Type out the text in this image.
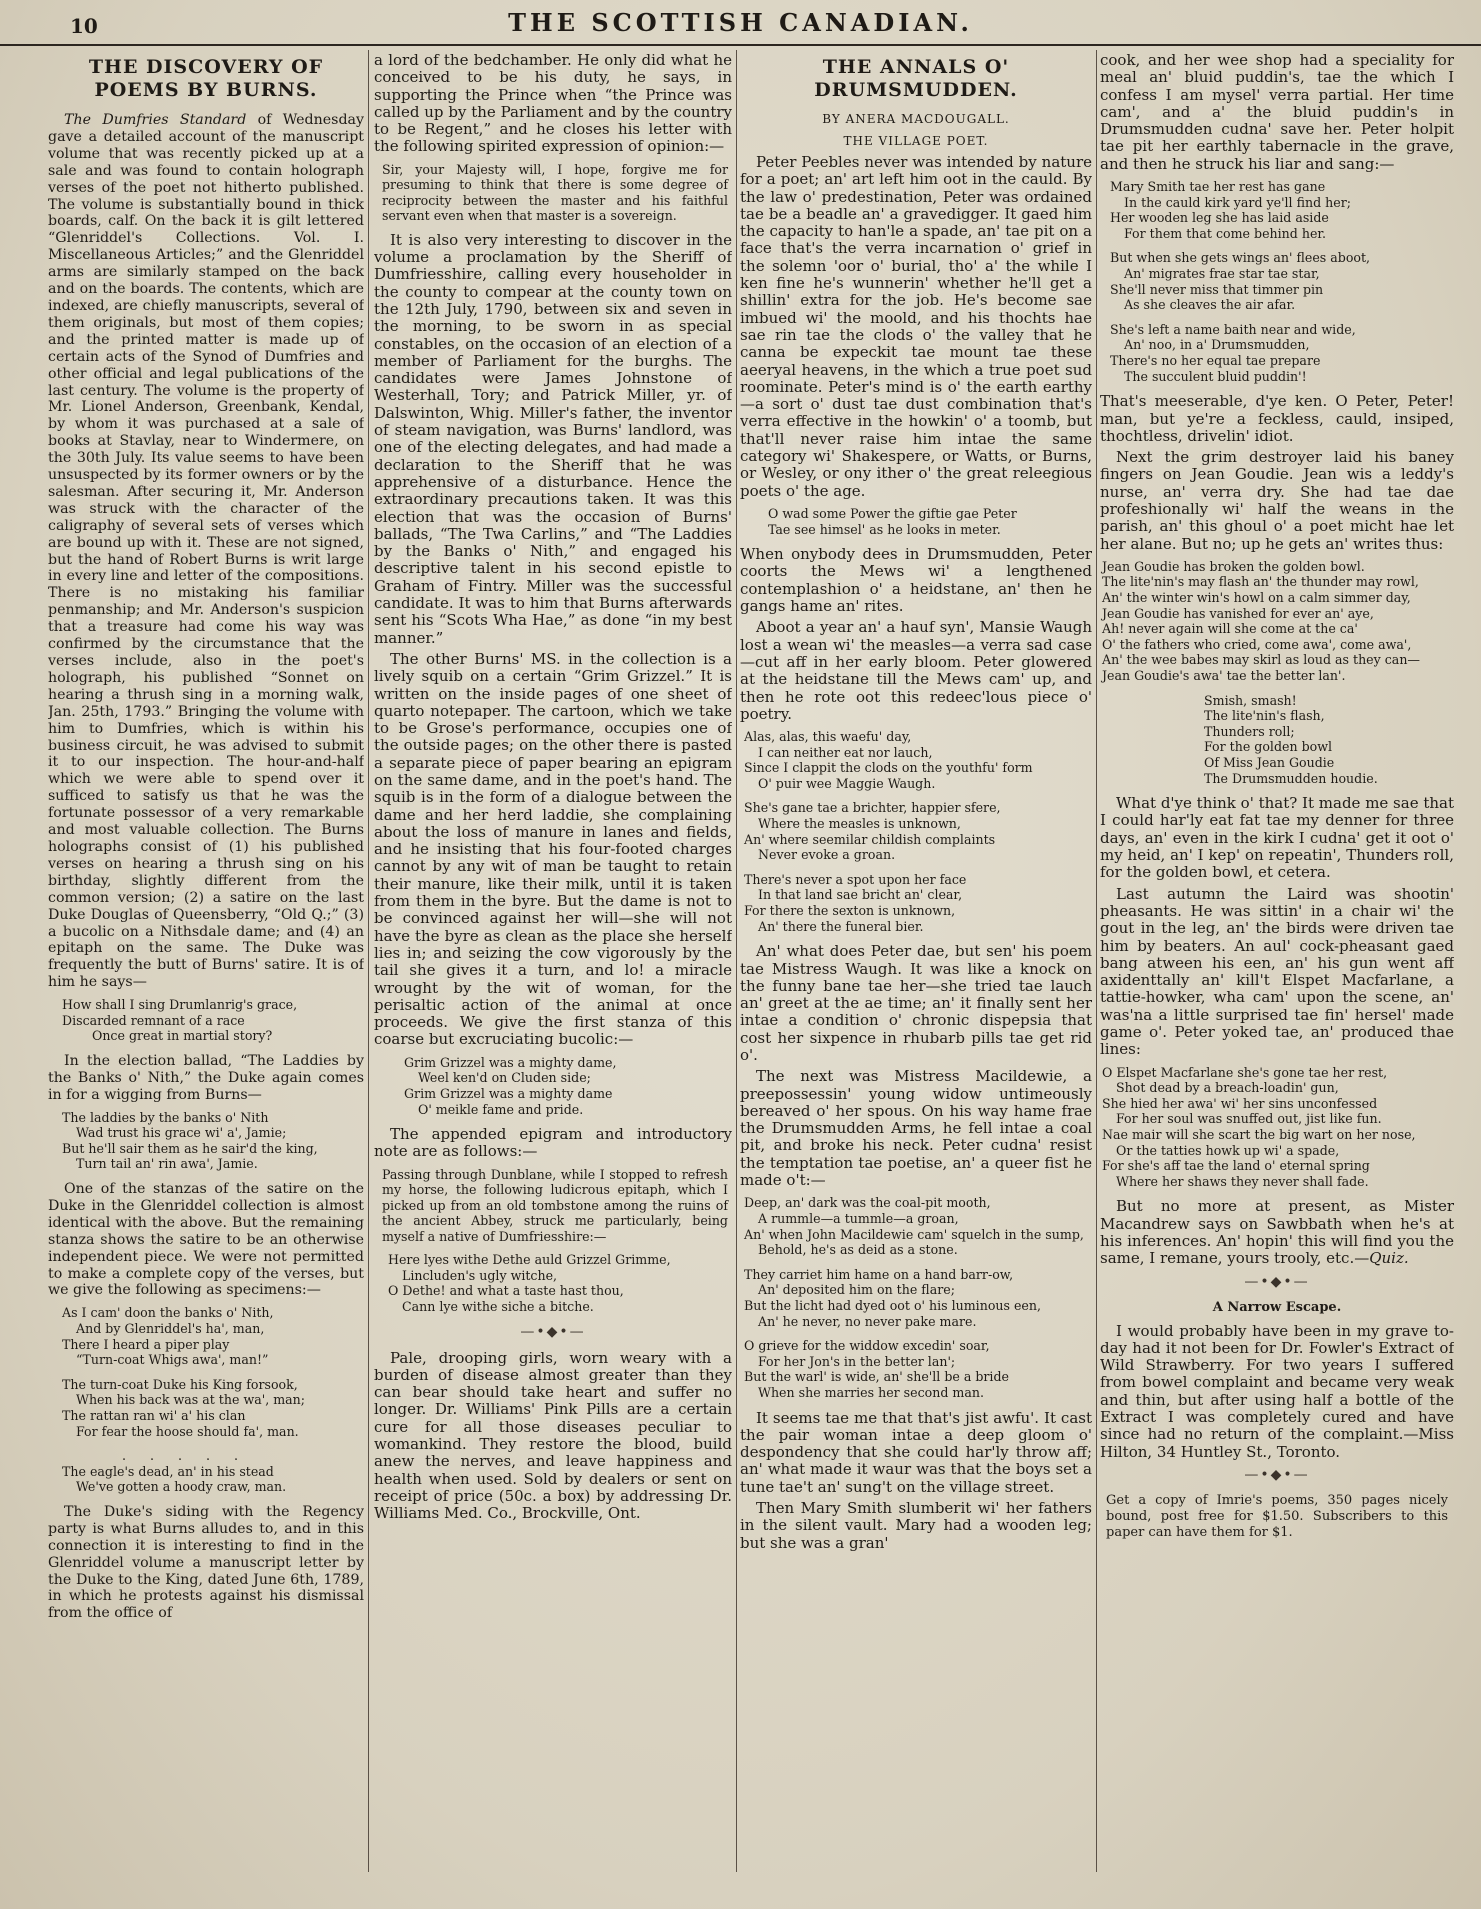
10	THE SCOTTISH CANADIAN.
THE DISCOVERY OF POEMS BY BURNS.

The Dumfries Standard of Wednesday gave a detailed account of the manuscript volume that was recently picked up at a sale and was found to contain holograph verses of the poet not hitherto published. The volume is substantially bound in thick boards, calf. On the back it is gilt lettered “Glenriddel's Collections. Vol. I. Miscellaneous Articles;” and the Glenriddel arms are similarly stamped on the back and on the boards. The contents, which are indexed, are chiefly manuscripts, several of them originals, but most of them copies; and the printed matter is made up of certain acts of the Synod of Dumfries and other official and legal publications of the last century. The volume is the property of Mr. Lionel Anderson, Greenbank, Kendal, by whom it was purchased at a sale of books at Stavlay, near to Windermere, on the 30th July. Its value seems to have been unsuspected by its former owners or by the salesman. After securing it, Mr. Anderson was struck with the character of the caligraphy of several sets of verses which are bound up with it. These are not signed, but the hand of Robert Burns is writ large in every line and letter of the compositions. There is no mistaking his familiar penmanship; and Mr. Anderson's suspicion that a treasure had come his way was confirmed by the circumstance that the verses include, also in the poet's holograph, his published “Sonnet on hearing a thrush sing in a morning walk, Jan. 25th, 1793.” Bringing the volume with him to Dumfries, which is within his business circuit, he was advised to submit it to our inspection. The hour-and-half which we were able to spend over it sufficed to satisfy us that he was the fortunate possessor of a very remarkable and most valuable collection. The Burns holographs consist of (1) his published verses on hearing a thrush sing on his birthday, slightly different from the common version; (2) a satire on the last Duke Douglas of Queensberry, “Old Q.;” (3) a bucolic on a Nithsdale dame; and (4) an epitaph on the same. The Duke was frequently the butt of Burns' satire. It is of him he says—

How shall I sing Drumlanrig's grace,
Discarded remnant of a race
Once great in martial story?

In the election ballad, “The Laddies by the Banks o' Nith,” the Duke again comes in for a wigging from Burns—

The laddies by the banks o' Nith
Wad trust his grace wi' a', Jamie;
But he'll sair them as he sair'd the king,
Turn tail an' rin awa', Jamie.

One of the stanzas of the satire on the Duke in the Glenriddel collection is almost identical with the above. But the remaining stanza shows the satire to be an otherwise independent piece. We were not permitted to make a complete copy of the verses, but we give the following as specimens:—

As I cam' doon the banks o' Nith,
And by Glenriddel's ha', man,
There I heard a piper play
“Turn-coat Whigs awa', man!”

The turn-coat Duke his King forsook,
When his back was at the wa', man;
The rattan ran wi' a' his clan
For fear the hoose should fa', man.

. . . . .

The eagle's dead, an' in his stead
We've gotten a hoody craw, man.

The Duke's siding with the Regency party is what Burns alludes to, and in this connection it is interesting to find in the Glenriddel volume a manuscript letter by the Duke to the King, dated June 6th, 1789, in which he protests against his dismissal from the office of

a lord of the bedchamber. He only did what he conceived to be his duty, he says, in supporting the Prince when “the Prince was called up by the Parliament and by the country to be Regent,” and he closes his letter with the following spirited expression of opinion:—

Sir, your Majesty will, I hope, forgive me for presuming to think that there is some degree of reciprocity between the master and his faithful servant even when that master is a sovereign.

It is also very interesting to discover in the volume a proclamation by the Sheriff of Dumfriesshire, calling every householder in the county to compear at the county town on the 12th July, 1790, between six and seven in the morning, to be sworn in as special constables, on the occasion of an election of a member of Parliament for the burghs. The candidates were James Johnstone of Westerhall, Tory; and Patrick Miller, yr. of Dalswinton, Whig. Miller's father, the inventor of steam navigation, was Burns' landlord, was one of the electing delegates, and had made a declaration to the Sheriff that he was apprehensive of a disturbance. Hence the extraordinary precautions taken. It was this election that was the occasion of Burns' ballads, “The Twa Carlins,” and “The Laddies by the Banks o' Nith,” and engaged his descriptive talent in his second epistle to Graham of Fintry. Miller was the successful candidate. It was to him that Burns afterwards sent his “Scots Wha Hae,” as done “in my best manner.”

The other Burns' MS. in the collection is a lively squib on a certain “Grim Grizzel.” It is written on the inside pages of one sheet of quarto notepaper. The cartoon, which we take to be Grose's performance, occupies one of the outside pages; on the other there is pasted a separate piece of paper bearing an epigram on the same dame, and in the poet's hand. The squib is in the form of a dialogue between the dame and her herd laddie, she complaining about the loss of manure in lanes and fields, and he insisting that his four-footed charges cannot by any wit of man be taught to retain their manure, like their milk, until it is taken from them in the byre. But the dame is not to be convinced against her will—she will not have the byre as clean as the place she herself lies in; and seizing the cow vigorously by the tail she gives it a turn, and lo! a miracle wrought by the wit of woman, for the perisaltic action of the animal at once proceeds. We give the first stanza of this coarse but excruciating bucolic:—

Grim Grizzel was a mighty dame,
Weel ken'd on Cluden side;
Grim Grizzel was a mighty dame
O' meikle fame and pride.

The appended epigram and introductory note are as follows:—

Passing through Dunblane, while I stopped to refresh my horse, the following ludicrous epitaph, which I picked up from an old tombstone among the ruins of the ancient Abbey, struck me particularly, being myself a native of Dumfriesshire:—

Here lyes withe Dethe auld Grizzel Grimme,
Lincluden's ugly witche,
O Dethe! and what a taste hast thou,
Cann lye withe siche a bitche.

—•◆•—

Pale, drooping girls, worn weary with a burden of disease almost greater than they can bear should take heart and suffer no longer. Dr. Williams' Pink Pills are a certain cure for all those diseases peculiar to womankind. They restore the blood, build anew the nerves, and leave happiness and health when used. Sold by dealers or sent on receipt of price (50c. a box) by addressing Dr. Williams Med. Co., Brockville, Ont.

THE ANNALS O' DRUMSMUDDEN.
BY ANERA MACDOUGALL.
THE VILLAGE POET.

Peter Peebles never was intended by nature for a poet; an' art left him oot in the cauld. By the law o' predestination, Peter was ordained tae be a beadle an' a gravedigger. It gaed him the capacity to han'le a spade, an' tae pit on a face that's the verra incarnation o' grief in the solemn 'oor o' burial, tho' a' the while I ken fine he's wunnerin' whether he'll get a shillin' extra for the job. He's become sae imbued wi' the moold, and his thochts hae sae rin tae the clods o' the valley that he canna be expeckit tae mount tae these aeeryal heavens, in the which a true poet sud roominate. Peter's mind is o' the earth earthy—a sort o' dust tae dust combination that's verra effective in the howkin' o' a toomb, but that'll never raise him intae the same category wi' Shakespere, or Watts, or Burns, or Wesley, or ony ither o' the great releegious poets o' the age.

O wad some Power the giftie gae Peter
Tae see himsel' as he looks in meter.

When onybody dees in Drumsmudden, Peter coorts the Mews wi' a lengthened contemplashion o' a heidstane, an' then he gangs hame an' rites.

Aboot a year an' a hauf syn', Mansie Waugh lost a wean wi' the measles—a verra sad case—cut aff in her early bloom. Peter glowered at the heidstane till the Mews cam' up, and then he rote oot this redeec'lous piece o' poetry.

Alas, alas, this waefu' day,
I can neither eat nor lauch,
Since I clappit the clods on the youthfu' form
O' puir wee Maggie Waugh.

She's gane tae a brichter, happier sfere,
Where the measles is unknown,
An' where seemilar childish complaints
Never evoke a groan.

There's never a spot upon her face
In that land sae bricht an' clear,
For there the sexton is unknown,
An' there the funeral bier.

An' what does Peter dae, but sen' his poem tae Mistress Waugh. It was like a knock on the funny bane tae her—she tried tae lauch an' greet at the ae time; an' it finally sent her intae a condition o' chronic dispepsia that cost her sixpence in rhubarb pills tae get rid o'.

The next was Mistress Macildewie, a preepossessin' young widow untimeously bereaved o' her spous. On his way hame frae the Drumsmudden Arms, he fell intae a coal pit, and broke his neck. Peter cudna' resist the temptation tae poetise, an' a queer fist he made o't:—

Deep, an' dark was the coal-pit mooth,
A rummle—a tummle—a groan,
An' when John Macildewie cam' squelch in the sump,
Behold, he's as deid as a stone.

They carriet him hame on a hand barr-ow,
An' deposited him on the flare;
But the licht had dyed oot o' his luminous een,
An' he never, no never pake mare.

O grieve for the widdow excedin' soar,
For her Jon's in the better lan';
But the warl' is wide, an' she'll be a bride
When she marries her second man.

It seems tae me that that's jist awfu'. It cast the pair woman intae a deep gloom o' despondency that she could har'ly throw aff; an' what made it waur was that the boys set a tune tae't an' sung't on the village street.

Then Mary Smith slumberit wi' her fathers in the silent vault. Mary had a wooden leg; but she was a gran'

cook, and her wee shop had a speciality for meal an' bluid puddin's, tae the which I confess I am mysel' verra partial. Her time cam', and a' the bluid puddin's in Drumsmudden cudna' save her. Peter holpit tae pit her earthly tabernacle in the grave, and then he struck his liar and sang:—

Mary Smith tae her rest has gane
In the cauld kirk yard ye'll find her;
Her wooden leg she has laid aside
For them that come behind her.

But when she gets wings an' flees aboot,
An' migrates frae star tae star,
She'll never miss that timmer pin
As she cleaves the air afar.

She's left a name baith near and wide,
An' noo, in a' Drumsmudden,
There's no her equal tae prepare
The succulent bluid puddin'!

That's meeserable, d'ye ken. O Peter, Peter! man, but ye're a feckless, cauld, insiped, thochtless, drivelin' idiot.

Next the grim destroyer laid his baney fingers on Jean Goudie. Jean wis a leddy's nurse, an' verra dry. She had tae dae profeshionally wi' half the weans in the parish, an' this ghoul o' a poet micht hae let her alane. But no; up he gets an' writes thus:

Jean Goudie has broken the golden bowl.
The lite'nin's may flash an' the thunder may rowl,
An' the winter win's howl on a calm simmer day,
Jean Goudie has vanished for ever an' aye,
Ah! never again will she come at the ca'
O' the fathers who cried, come awa', come awa',
An' the wee babes may skirl as loud as they can—
Jean Goudie's awa' tae the better lan'.

Smish, smash!
The lite'nin's flash,
Thunders roll;
For the golden bowl
Of Miss Jean Goudie
The Drumsmudden houdie.

What d'ye think o' that? It made me sae that I could har'ly eat fat tae my denner for three days, an' even in the kirk I cudna' get it oot o' my heid, an' I kep' on repeatin', Thunders roll, for the golden bowl, et cetera.

Last autumn the Laird was shootin' pheasants. He was sittin' in a chair wi' the gout in the leg, an' the birds were driven tae him by beaters. An aul' cock-pheasant gaed bang atween his een, an' his gun went aff axidenttally an' kill't Elspet Macfarlane, a tattie-howker, wha cam' upon the scene, an' was'na a little surprised tae fin' hersel' made game o'. Peter yoked tae, an' produced thae lines:

O Elspet Macfarlane she's gone tae her rest,
Shot dead by a breach-loadin' gun,
She hied her awa' wi' her sins unconfessed
For her soul was snuffed out, jist like fun.
Nae mair will she scart the big wart on her nose,
Or the tatties howk up wi' a spade,
For she's aff tae the land o' eternal spring
Where her shaws they never shall fade.

But no more at present, as Mister Macandrew says on Sawbbath when he's at his inferences. An' hopin' this will find you the same, I remane, yours trooly, etc.—Quiz.

—•◆•—
A Narrow Escape.

I would probably have been in my grave to-day had it not been for Dr. Fowler's Extract of Wild Strawberry. For two years I suffered from bowel complaint and became very weak and thin, but after using half a bottle of the Extract I was completely cured and have since had no return of the complaint.—Miss Hilton, 34 Huntley St., Toronto.

—•◆•—

Get a copy of Imrie's poems, 350 pages nicely bound, post free for $1.50. Subscribers to this paper can have them for $1.
